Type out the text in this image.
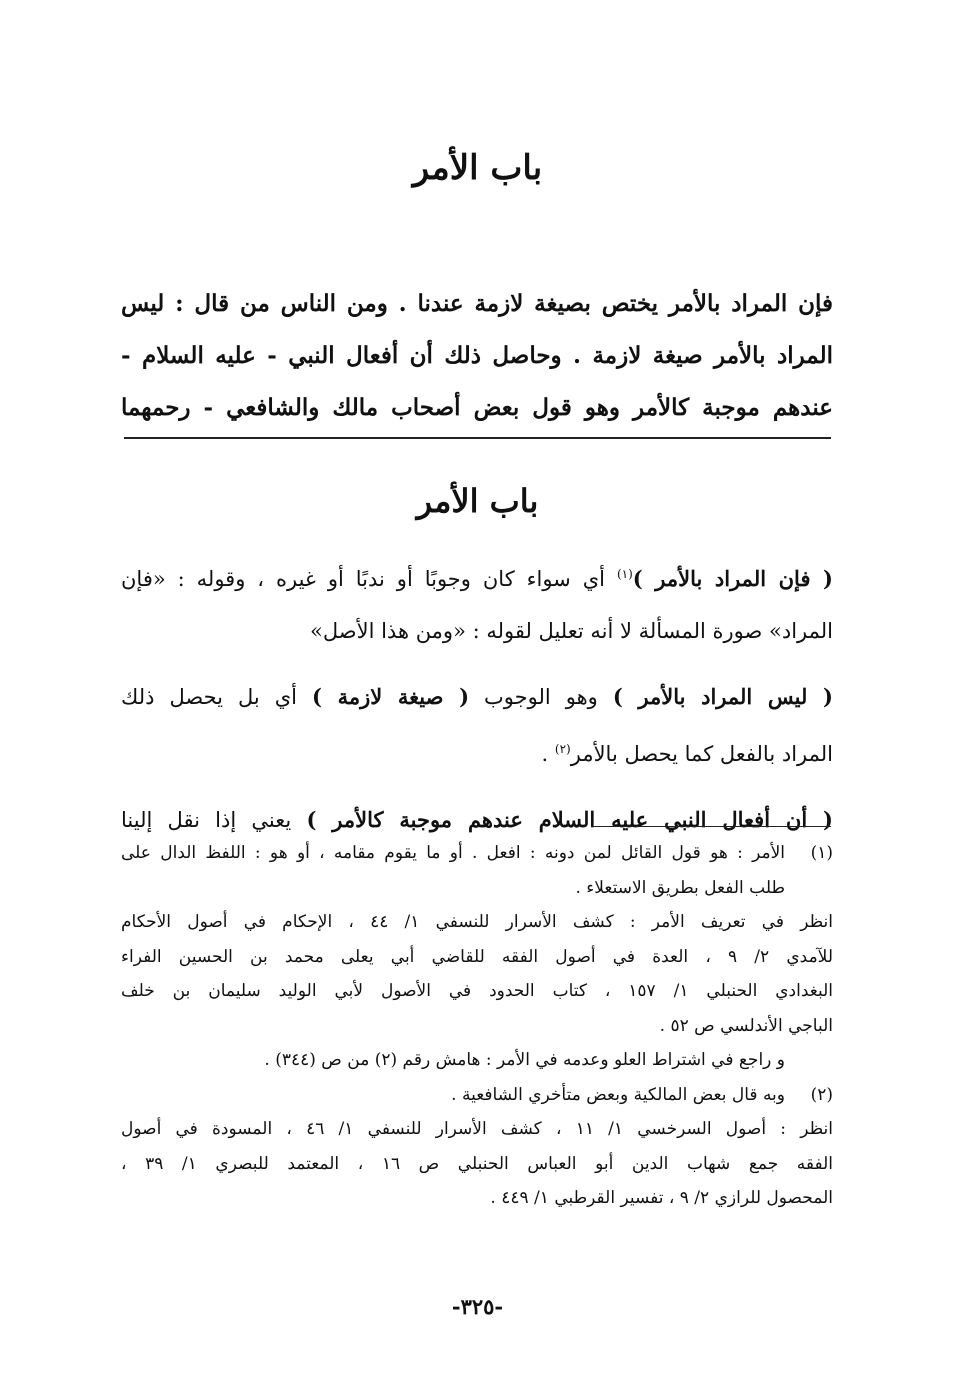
باب الأمر

فإن المراد بالأمر يختص بصيغة لازمة عندنا . ومن الناس من قال : ليس

المراد بالأمر صيغة لازمة . وحاصل ذلك أن أفعال النبي - عليه السلام -

عندهم موجبة كالأمر وهو قول بعض أصحاب مالك والشافعي - رحمهما

باب الأمر

( فإن المراد بالأمر )$^{(١)}$ أي سواء كان وجوبًا أو ندبًا أو غيره ، وقوله : «فإن

المراد» صورة المسألة لا أنه تعليل لقوله : «ومن هذا الأصل»

( ليس المراد بالأمر ) وهو الوجوب ( صيغة لازمة ) أي بل يحصل ذلك

المراد بالفعل كما يحصل بالأمر$^{(٢)}$ .

( أن أفعال النبي عليه السلام عندهم موجبة كالأمر ) يعني إذا نقل إلينا

(١)الأمر : هو قول القائل لمن دونه : افعل . أو ما يقوم مقامه ، أو هو : اللفظ الدال على

طلب الفعل بطريق الاستعلاء .

انظر في تعريف الأمر : كشف الأسرار للنسفي ١/ ٤٤ ، الإحكام في أصول الأحكام

للآمدي ٢/ ٩ ، العدة في أصول الفقه للقاضي أبي يعلى محمد بن الحسين الفراء

البغدادي الحنبلي ١/ ١٥٧ ، كتاب الحدود في الأصول لأبي الوليد سليمان بن خلف

الباجي الأندلسي ص ٥٢ .

و راجع في اشتراط العلو وعدمه في الأمر : هامش رقم (٢) من ص (٣٤٤) .

(٢)وبه قال بعض المالكية وبعض متأخري الشافعية .

انظر : أصول السرخسي ١/ ١١ ، كشف الأسرار للنسفي ١/ ٤٦ ، المسودة في أصول

الفقه جمع شهاب الدين أبو العباس الحنبلي ص ١٦ ، المعتمد للبصري ١/ ٣٩ ،

المحصول للرازي ٢/ ٩ ، تفسير القرطبي ١/ ٤٤٩ .

-٣٢٥-
